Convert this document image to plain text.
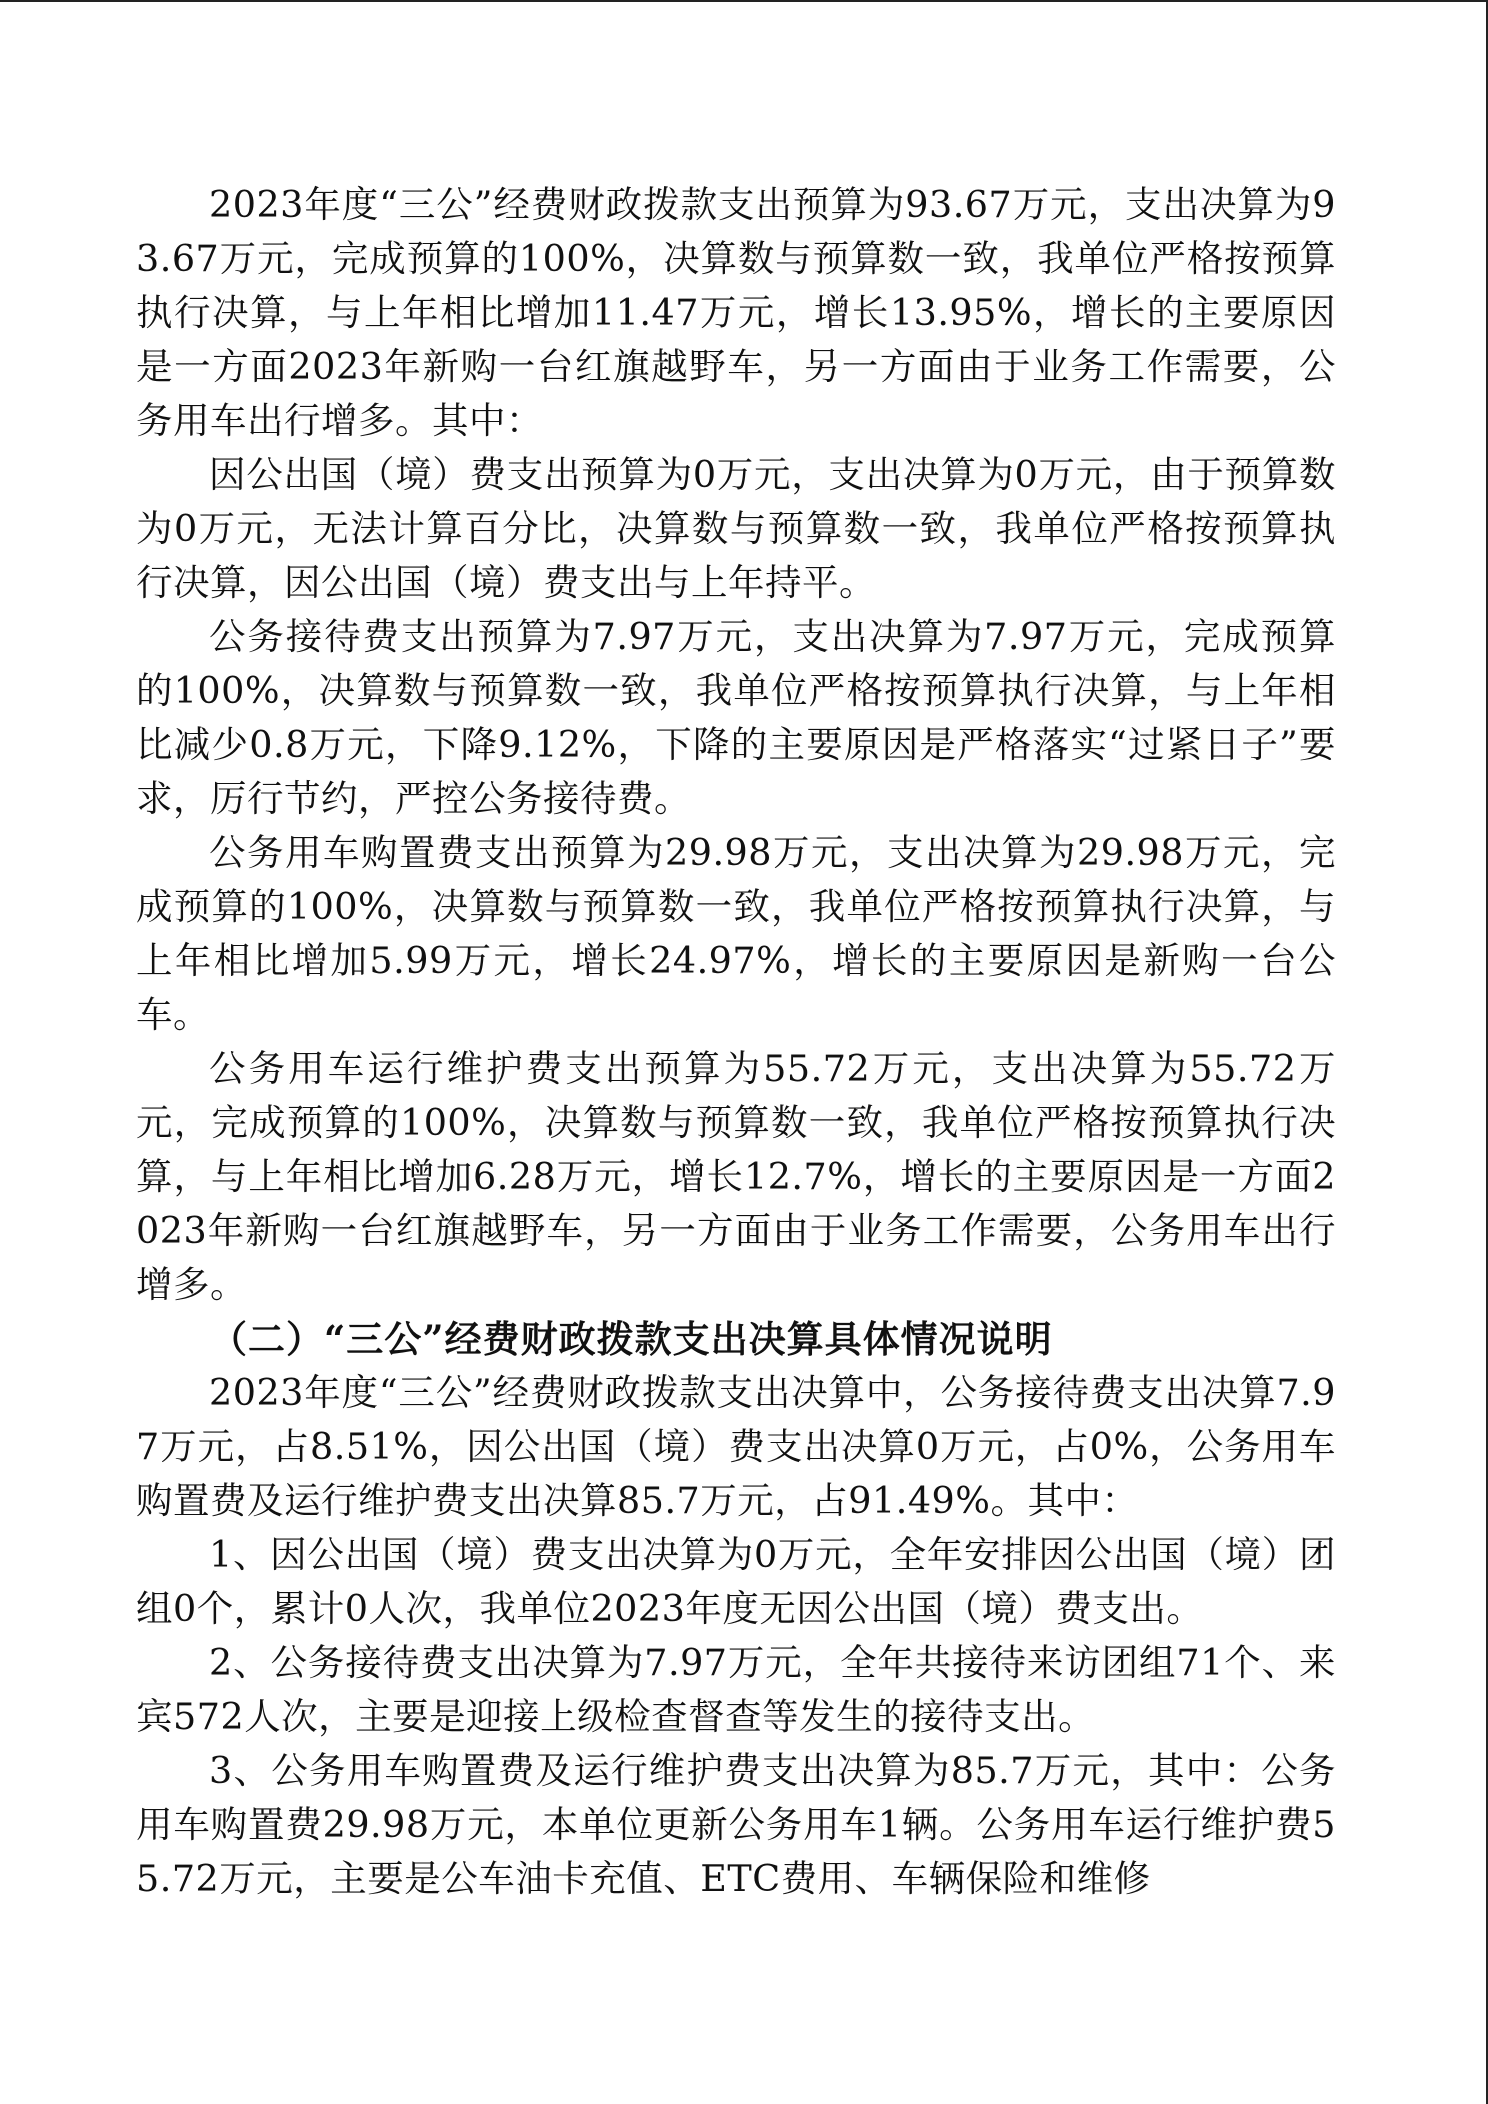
2023年度“三公”经费财政拨款支出预算为93.67万元，支出决算为93.67万元，完成预算的100%，决算数与预算数一致，我单位严格按预算执行决算，与上年相比增加11.47万元，增长13.95%，增长的主要原因是一方面2023年新购一台红旗越野车，另一方面由于业务工作需要，公务用车出行增多。其中：

因公出国（境）费支出预算为0万元，支出决算为0万元，由于预算数为0万元，无法计算百分比，决算数与预算数一致，我单位严格按预算执行决算，因公出国（境）费支出与上年持平。

公务接待费支出预算为7.97万元，支出决算为7.97万元，完成预算的100%，决算数与预算数一致，我单位严格按预算执行决算，与上年相比减少0.8万元，下降9.12%，下降的主要原因是严格落实“过紧日子”要求，厉行节约，严控公务接待费。

公务用车购置费支出预算为29.98万元，支出决算为29.98万元，完成预算的100%，决算数与预算数一致，我单位严格按预算执行决算，与上年相比增加5.99万元，增长24.97%，增长的主要原因是新购一台公车。

公务用车运行维护费支出预算为55.72万元，支出决算为55.72万元，完成预算的100%，决算数与预算数一致，我单位严格按预算执行决算，与上年相比增加6.28万元，增长12.7%，增长的主要原因是一方面2023年新购一台红旗越野车，另一方面由于业务工作需要，公务用车出行增多。

（二）“三公”经费财政拨款支出决算具体情况说明

2023年度“三公”经费财政拨款支出决算中，公务接待费支出决算7.97万元，占8.51%，因公出国（境）费支出决算0万元，占0%，公务用车购置费及运行维护费支出决算85.7万元，占91.49%。其中：

1、因公出国（境）费支出决算为0万元，全年安排因公出国（境）团组0个，累计0人次，我单位2023年度无因公出国（境）费支出。

2、公务接待费支出决算为7.97万元，全年共接待来访团组71个、来宾572人次，主要是迎接上级检查督查等发生的接待支出。

3、公务用车购置费及运行维护费支出决算为85.7万元，其中：公务用车购置费29.98万元，本单位更新公务用车1辆。公务用车运行维护费55.72万元，主要是公车油卡充值、ETC费用、车辆保险和维修
